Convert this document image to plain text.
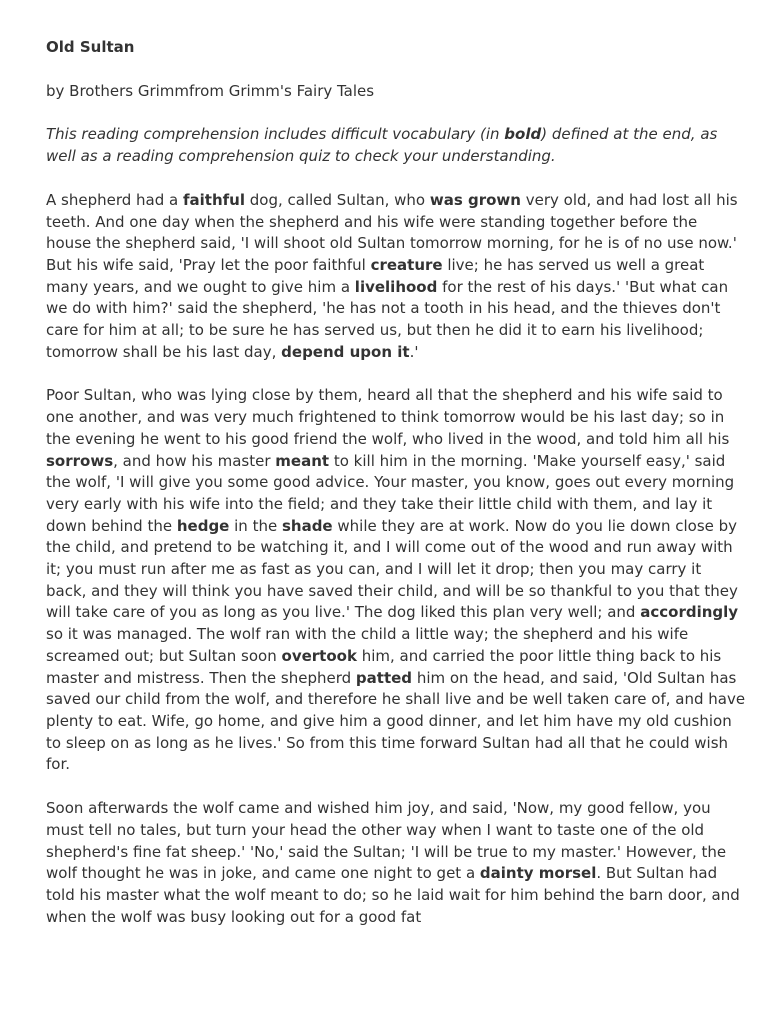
Old Sultan
by Brothers Grimmfrom Grimm's Fairy Tales
This reading comprehension includes difficult vocabulary (in bold) defined at the end, as well as a reading comprehension quiz to check your understanding.
A shepherd had a faithful dog, called Sultan, who was grown very old, and had lost all his teeth. And one day when the shepherd and his wife were standing together before the house the shepherd said, 'I will shoot old Sultan tomorrow morning, for he is of no use now.' But his wife said, 'Pray let the poor faithful creature live; he has served us well a great many years, and we ought to give him a livelihood for the rest of his days.' 'But what can we do with him?' said the shepherd, 'he has not a tooth in his head, and the thieves don't care for him at all; to be sure he has served us, but then he did it to earn his livelihood; tomorrow shall be his last day, depend upon it.'
Poor Sultan, who was lying close by them, heard all that the shepherd and his wife said to one another, and was very much frightened to think tomorrow would be his last day; so in the evening he went to his good friend the wolf, who lived in the wood, and told him all his sorrows, and how his master meant to kill him in the morning. 'Make yourself easy,' said the wolf, 'I will give you some good advice. Your master, you know, goes out every morning very early with his wife into the field; and they take their little child with them, and lay it down behind the hedge in the shade while they are at work. Now do you lie down close by the child, and pretend to be watching it, and I will come out of the wood and run away with it; you must run after me as fast as you can, and I will let it drop; then you may carry it back, and they will think you have saved their child, and will be so thankful to you that they will take care of you as long as you live.' The dog liked this plan very well; and accordingly so it was managed. The wolf ran with the child a little way; the shepherd and his wife screamed out; but Sultan soon overtook him, and carried the poor little thing back to his master and mistress. Then the shepherd patted him on the head, and said, 'Old Sultan has saved our child from the wolf, and therefore he shall live and be well taken care of, and have plenty to eat. Wife, go home, and give him a good dinner, and let him have my old cushion to sleep on as long as he lives.' So from this time forward Sultan had all that he could wish for.
Soon afterwards the wolf came and wished him joy, and said, 'Now, my good fellow, you must tell no tales, but turn your head the other way when I want to taste one of the old shepherd's fine fat sheep.' 'No,' said the Sultan; 'I will be true to my master.' However, the wolf thought he was in joke, and came one night to get a dainty morsel. But Sultan had told his master what the wolf meant to do; so he laid wait for him behind the barn door, and when the wolf was busy looking out for a good fat
